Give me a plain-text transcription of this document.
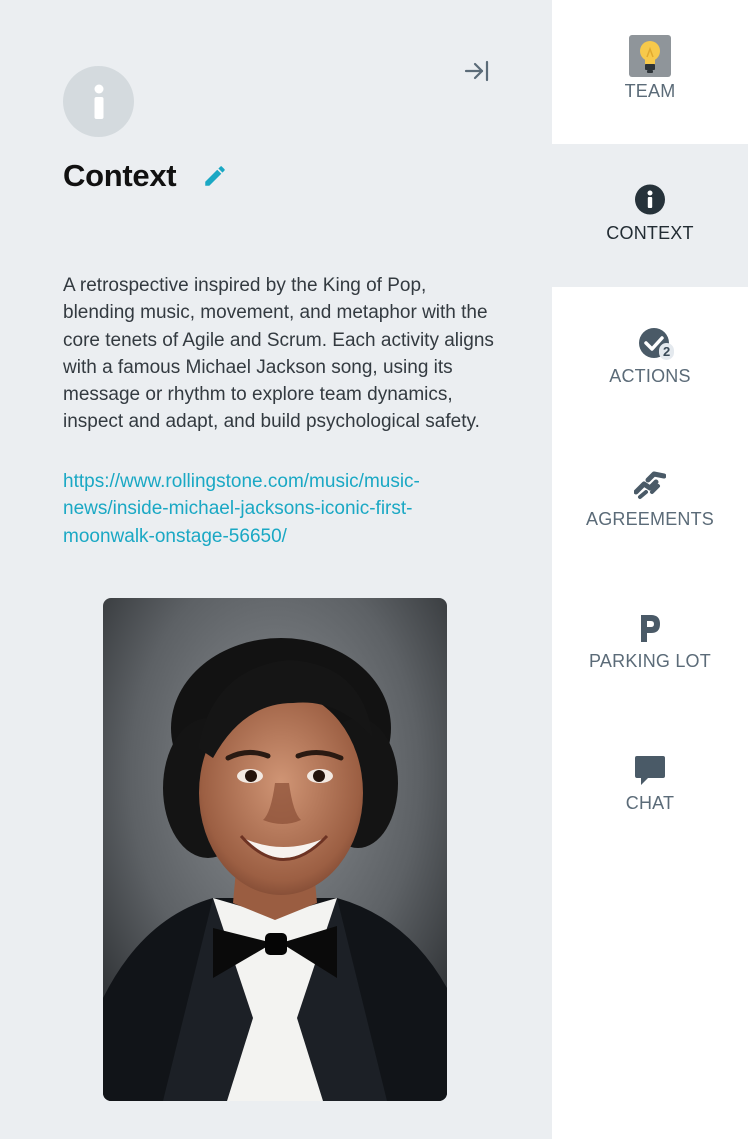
Context

A retrospective inspired by the King of Pop, blending music, movement, and metaphor with the core tenets of Agile and Scrum. Each activity aligns with a famous Michael Jackson song, using its message or rhythm to explore team dynamics, inspect and adapt, and build psychological safety.

https://www.rollingstone.com/music/music-news/inside-michael-jacksons-iconic-first-moonwalk-onstage-56650/
TEAM
CONTEXT
2
ACTIONS
AGREEMENTS
PARKING LOT
CHAT
